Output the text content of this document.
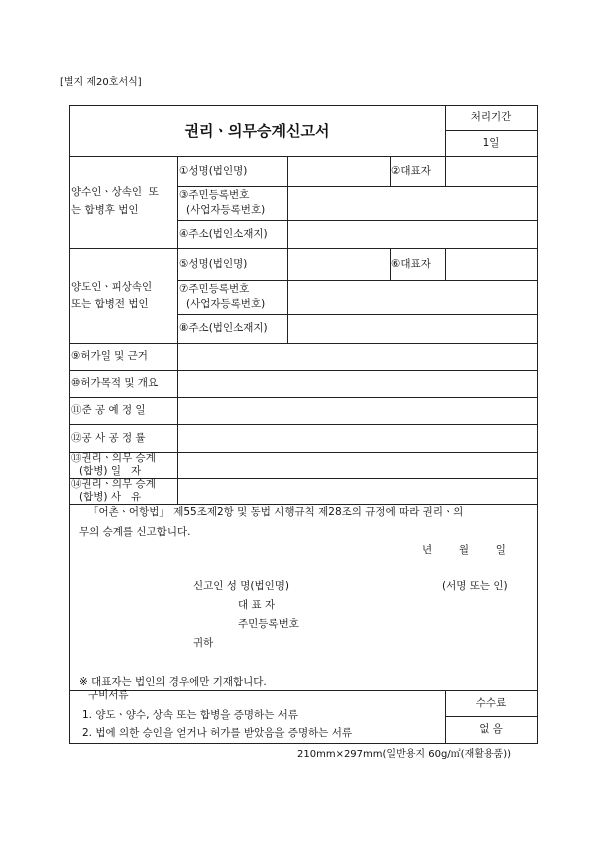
[별지 제20호서식]
권리ㆍ의무승계신고서
처리기간
1일
양수인ㆍ상속인  또
는 합병후 법인
①성명(법인명)	②대표자
③주민등록번호
(사업자등록번호)
④주소(법인소재지)
양도인ㆍ피상속인
또는 합병전 법인
⑤성명(법인명)	⑥대표자
⑦주민등록번호
(사업자등록번호)
⑧주소(법인소재지)
⑨허가일 및 근거
⑩허가목적 및 개요
⑪준 공 예 정 일
⑫공 사 공 정 률
⑬권리ㆍ의무 승계
(합병) 일   자
⑭권리ㆍ의무 승계
(합병) 사   유
「어촌ㆍ어항법」 제55조제2항 및 동법 시행규칙 제28조의 규정에 따라 권리ㆍ의
무의 승계를 신고합니다.
년        월        일
신고인 성 명(법인명)	(서명 또는 인)
대 표 자
주민등록번호
귀하
※ 대표자는 법인의 경우에만 기재합니다.
구비서류
1. 양도ㆍ양수, 상속 또는 합병을 증명하는 서류
2. 법에 의한 승인을 얻거나 허가를 받았음을 증명하는 서류
수수료
없 음
210mm×297mm(일반용지 60g/㎡(재활용품))
